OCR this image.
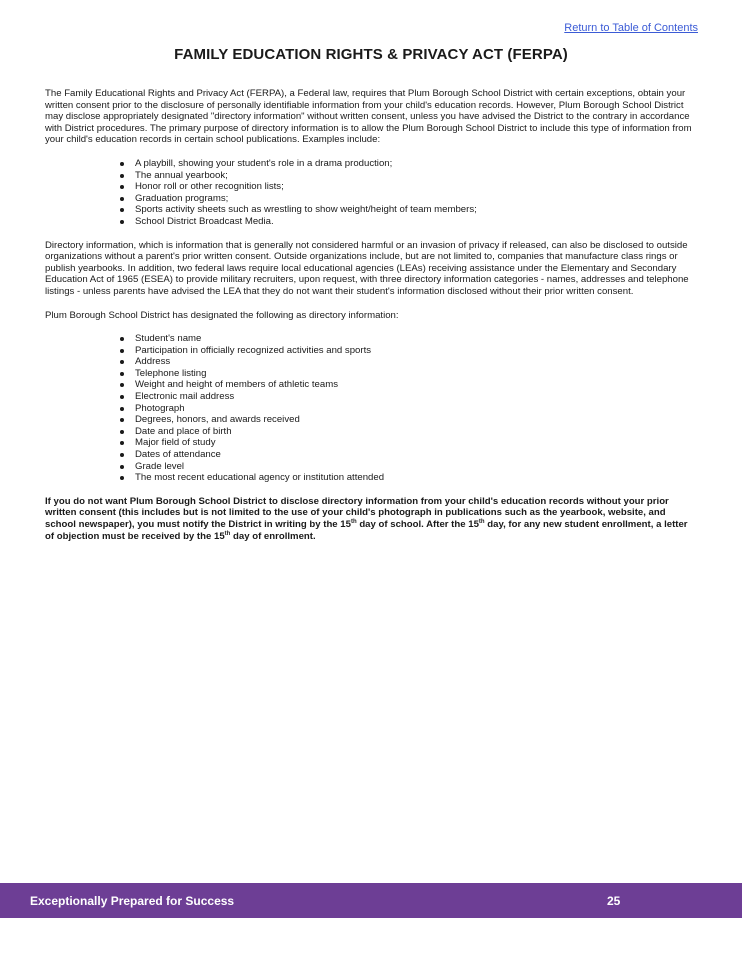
Return to Table of Contents
FAMILY EDUCATION RIGHTS & PRIVACY ACT (FERPA)

The Family Educational Rights and Privacy Act (FERPA), a Federal law, requires that Plum Borough School District with certain exceptions, obtain your written consent prior to the disclosure of personally identifiable information from your child's education records. However, Plum Borough School District may disclose appropriately designated "directory information" without written consent, unless you have advised the District to the contrary in accordance with District procedures. The primary purpose of directory information is to allow the Plum Borough School District to include this type of information from your child's education records in certain school publications. Examples include:

A playbill, showing your student's role in a drama production;
The annual yearbook;
Honor roll or other recognition lists;
Graduation programs;
Sports activity sheets such as wrestling to show weight/height of team members;
School District Broadcast Media.

Directory information, which is information that is generally not considered harmful or an invasion of privacy if released, can also be disclosed to outside organizations without a parent's prior written consent. Outside organizations include, but are not limited to, companies that manufacture class rings or publish yearbooks. In addition, two federal laws require local educational agencies (LEAs) receiving assistance under the Elementary and Secondary Education Act of 1965 (ESEA) to provide military recruiters, upon request, with three directory information categories - names, addresses and telephone listings - unless parents have advised the LEA that they do not want their student's information disclosed without their prior written consent.

Plum Borough School District has designated the following as directory information:

Student's name
Participation in officially recognized activities and sports
Address
Telephone listing
Weight and height of members of athletic teams
Electronic mail address
Photograph
Degrees, honors, and awards received
Date and place of birth
Major field of study
Dates of attendance
Grade level
The most recent educational agency or institution attended

If you do not want Plum Borough School District to disclose directory information from your child's education records without your prior written consent (this includes but is not limited to the use of your child's photograph in publications such as the yearbook, website, and school newspaper), you must notify the District in writing by the 15th day of school. After the 15th day, for any new student enrollment, a letter of objection must be received by the 15th day of enrollment.

Exceptionally Prepared for Success	25
